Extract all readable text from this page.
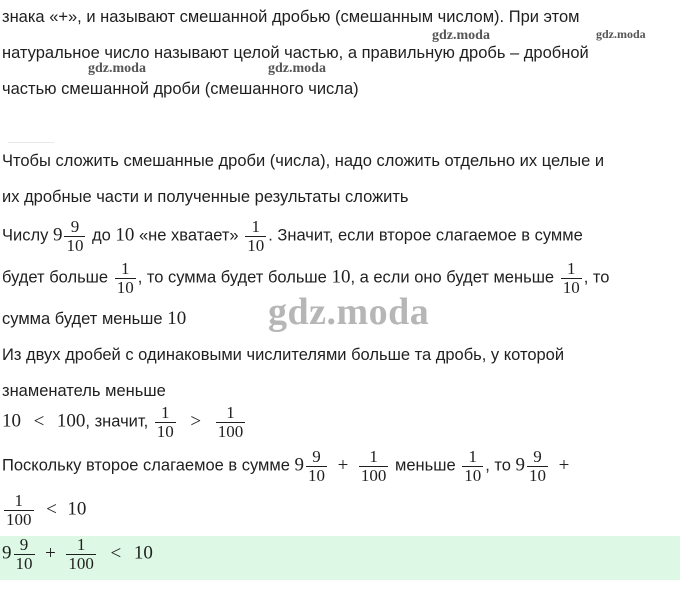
gdz.moda	gdz.moda
gdz.moda	gdz.moda
знака «+», и называют смешанной дробью (смешанным числом). При этом
натуральное число называют целой частью, а правильную дробь – дробной
частью смешанной дроби (смешанного числа)
Чтобы сложить смешанные дроби (числа), надо сложить отдельно их целые и
их дробные части и полученные результаты сложить
Числу $9 \frac{9}{10}$ до 10 «не хватает» $\frac{1}{10}$ . Значит, если второе слагаемое в сумме
будет больше $\frac{1}{10}$ , то сумма будет больше 10, а если оно будет меньше $\frac{1}{10}$ , то
сумма будет меньше 10 gdz.moda
Из двух дробей с одинаковыми числителями больше та дробь, у которой
знаменатель меньше
10 < 100, значит, $\frac{1}{10} > \frac{1}{100}$
Поскольку второе слагаемое в сумме $9 \frac{9}{10} + \frac{1}{100}$ меньше $\frac{1}{10}$ , то $9 \frac{9}{10}$ +
$\frac{1}{100} < 10$
$9 \frac{9}{10} + \frac{1}{100} < 10$
